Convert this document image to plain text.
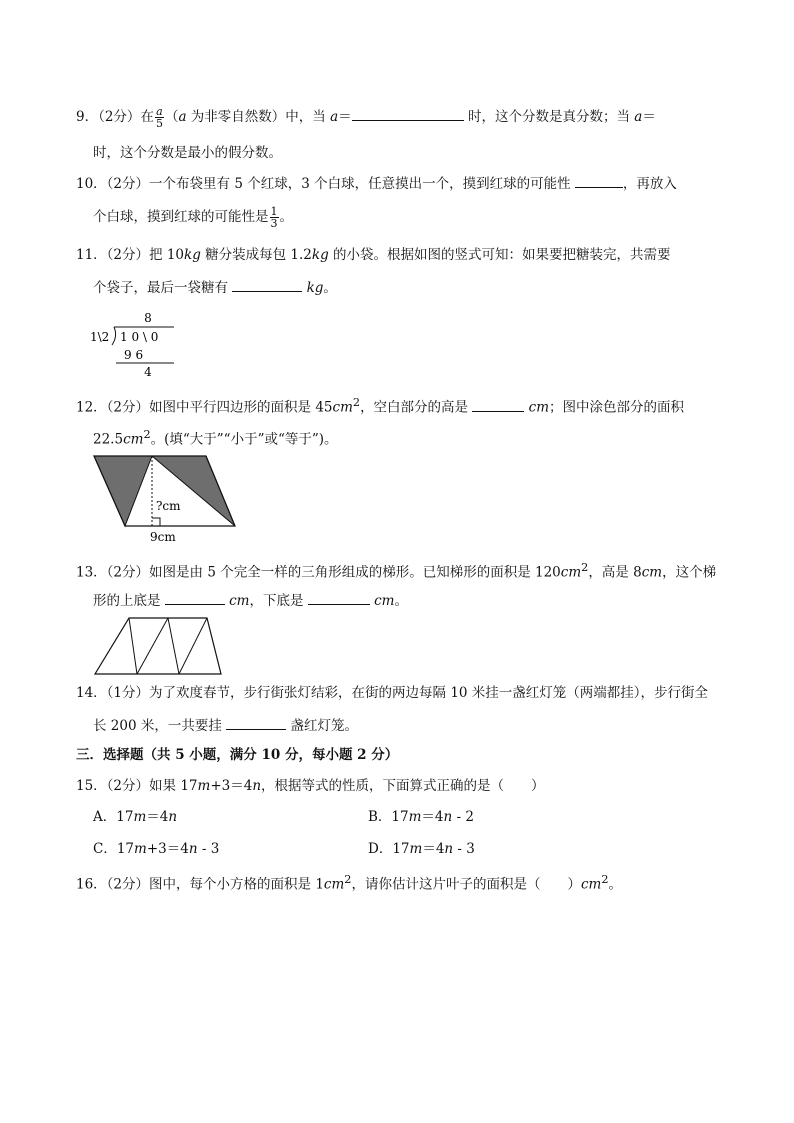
9．（2分）在 $\frac{a}{5} (a$ 为非零自然数）中，当 a＝	时，这个分数是真分数；当 a＝
时，这个分数是最小的假分数。
10．（2分）一个布袋里有 5 个红球，3 个白球，任意摸出一个，摸到红球的可能性	，再放入
个白球，摸到红球的可能性是 $\frac{1}{3}$ 。
11．（2分）把 10kg 糖分装成每包 1.2kg 的小袋。根据如图的竖式可知：如果要把糖装完，共需要
个袋子，最后一袋糖有	kg。
8
1\2 1 0 \ 0
9 6
4
12．（2分）如图中平行四边形的面积是 $45cm^2$，空白部分的高是	cm；图中涂色部分的面积
$22.5cm^2$。(填“大于”“小于”或“等于”)。
?cm
9cm
13．（2分）如图是由 5 个完全一样的三角形组成的梯形。已知梯形的面积是 $120cm^2$，高是 8cm，这个梯
形的上底是	cm，下底是	cm。
14．（1分）为了欢度春节，步行街张灯结彩，在街的两边每隔 10 米挂一盏红灯笼（两端都挂），步行街全
长 200 米，一共要挂	盏红灯笼。
三．选择题（共 5 小题，满分 10 分，每小题 2 分）
15．（2分）如果 17m+3＝4n，根据等式的性质，下面算式正确的是（　　）
A．17m＝4n	B．17m＝4n - 2
C．17m+3＝4n - 3	D．17m＝4n - 3
16．（2分）图中，每个小方格的面积是 $1cm^2$，请你估计这片叶子的面积是（　　）$cm^2$。
